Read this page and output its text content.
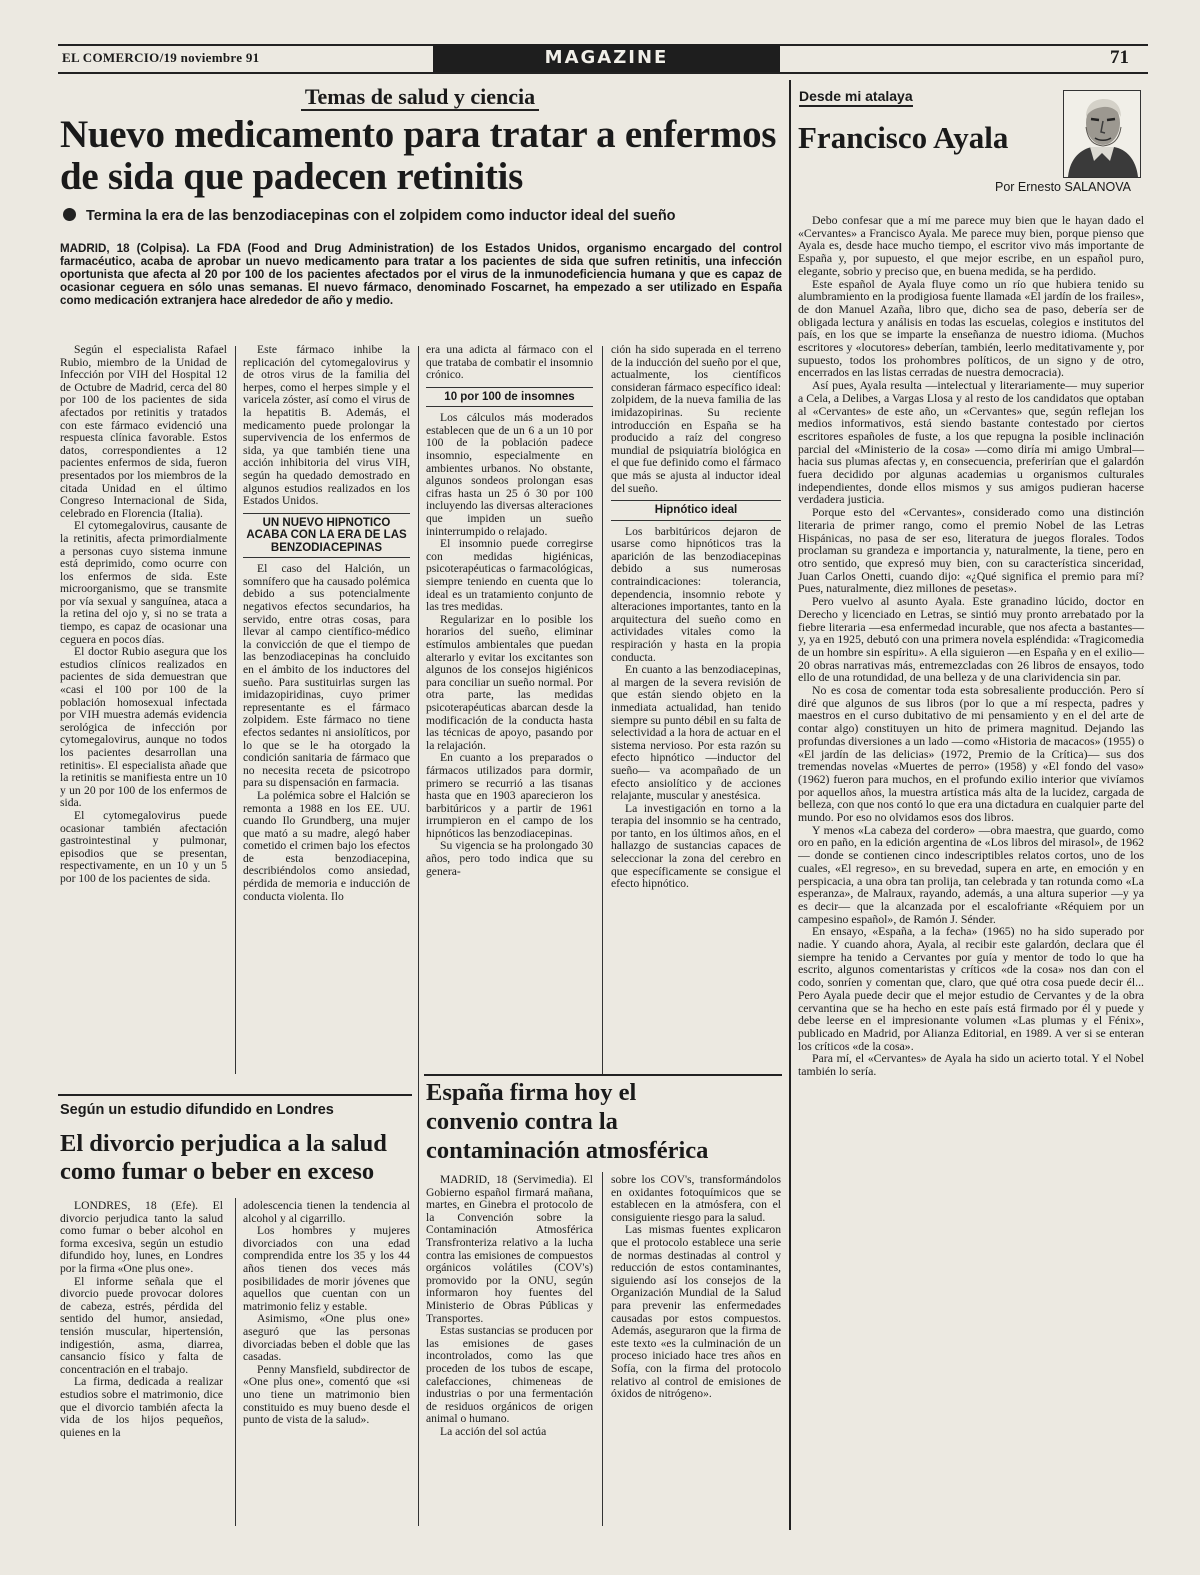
EL COMERCIO/19 noviembre 91	MAGAZINE	71
Temas de salud y ciencia
Nuevo medicamento para tratar a enfermos
de sida que padecen retinitis
Termina la era de las benzodiacepinas con el zolpidem como inductor ideal del sueño
MADRID, 18 (Colpisa). La FDA (Food and Drug Administration) de los Estados Unidos, organismo encargado del control farmacéutico, acaba de aprobar un nuevo medicamento para tratar a los pacientes de sida que sufren retinitis, una infección oportunista que afecta al 20 por 100 de los pacientes afectados por el virus de la inmunodeficiencia humana y que es capaz de ocasionar ceguera en sólo unas semanas. El nuevo fármaco, denominado Foscarnet, ha empezado a ser utilizado en España como medicación extranjera hace alrededor de año y medio.

Según el especialista Rafael Rubio, miembro de la Unidad de Infección por VIH del Hospital 12 de Octubre de Madrid, cerca del 80 por 100 de los pacientes de sida afectados por retinitis y tratados con este fármaco evidenció una respuesta clínica favorable. Estos datos, correspondientes a 12 pacientes enfermos de sida, fueron presentados por los miembros de la citada Unidad en el último Congreso Internacional de Sida, celebrado en Florencia (Italia).

El cytomegalovirus, causante de la retinitis, afecta primordialmente a personas cuyo sistema inmune está deprimido, como ocurre con los enfermos de sida. Este microorganismo, que se transmite por vía sexual y sanguínea, ataca a la retina del ojo y, si no se trata a tiempo, es capaz de ocasionar una ceguera en pocos días.

El doctor Rubio asegura que los estudios clínicos realizados en pacientes de sida demuestran que «casi el 100 por 100 de la población homosexual infectada por VIH muestra además evidencia serológica de infección por cytomegalovirus, aunque no todos los pacientes desarrollan una retinitis». El especialista añade que la retinitis se manifiesta entre un 10 y un 20 por 100 de los enfermos de sida.

El cytomegalovirus puede ocasionar también afectación gastrointestinal y pulmonar, episodios que se presentan, respectivamente, en un 10 y un 5 por 100 de los pacientes de sida.

Este fármaco inhibe la replicación del cytomegalovirus y de otros virus de la familia del herpes, como el herpes simple y el varicela zóster, así como el virus de la hepatitis B. Además, el medicamento puede prolongar la supervivencia de los enfermos de sida, ya que también tiene una acción inhibitoria del virus VIH, según ha quedado demostrado en algunos estudios realizados en los Estados Unidos.

UN NUEVO HIPNOTICO ACABA CON LA ERA DE LAS BENZODIACEPINAS

El caso del Halción, un somnífero que ha causado polémica debido a sus potencialmente negativos efectos secundarios, ha servido, entre otras cosas, para llevar al campo científico-médico la convicción de que el tiempo de las benzodiacepinas ha concluido en el ámbito de los inductores del sueño. Para sustituirlas surgen las imidazopiridinas, cuyo primer representante es el fármaco zolpidem. Este fármaco no tiene efectos sedantes ni ansiolíticos, por lo que se le ha otorgado la condición sanitaria de fármaco que no necesita receta de psicotropo para su dispensación en farmacia.

La polémica sobre el Halción se remonta a 1988 en los EE. UU. cuando Ilo Grundberg, una mujer que mató a su madre, alegó haber cometido el crimen bajo los efectos de esta benzodiacepina, describiéndolos como ansiedad, pérdida de memoria e inducción de conducta violenta. Ilo

era una adicta al fármaco con el que trataba de combatir el insomnio crónico.

10 por 100 de insomnes

Los cálculos más moderados establecen que de un 6 a un 10 por 100 de la población padece insomnio, especialmente en ambientes urbanos. No obstante, algunos sondeos prolongan esas cifras hasta un 25 ó 30 por 100 incluyendo las diversas alteraciones que impiden un sueño ininterrumpido o relajado.

El insomnio puede corregirse con medidas higiénicas, psicoterapéuticas o farmacológicas, siempre teniendo en cuenta que lo ideal es un tratamiento conjunto de las tres medidas.

Regularizar en lo posible los horarios del sueño, eliminar estímulos ambientales que puedan alterarlo y evitar los excitantes son algunos de los consejos higiénicos para conciliar un sueño normal. Por otra parte, las medidas psicoterapéuticas abarcan desde la modificación de la conducta hasta las técnicas de apoyo, pasando por la relajación.

En cuanto a los preparados o fármacos utilizados para dormir, primero se recurrió a las tisanas hasta que en 1903 aparecieron los barbitúricos y a partir de 1961 irrumpieron en el campo de los hipnóticos las benzodiacepinas.

Su vigencia se ha prolongado 30 años, pero todo indica que su genera-

ción ha sido superada en el terreno de la inducción del sueño por el que, actualmente, los científicos consideran fármaco específico ideal: zolpidem, de la nueva familia de las imidazopirinas. Su reciente introducción en España se ha producido a raíz del congreso mundial de psiquiatría biológica en el que fue definido como el fármaco que más se ajusta al inductor ideal del sueño.

Hipnótico ideal

Los barbitúricos dejaron de usarse como hipnóticos tras la aparición de las benzodiacepinas debido a sus numerosas contraindicaciones: tolerancia, dependencia, insomnio rebote y alteraciones importantes, tanto en la arquitectura del sueño como en actividades vitales como la respiración y hasta en la propia conducta.

En cuanto a las benzodiacepinas, al margen de la severa revisión de que están siendo objeto en la inmediata actualidad, han tenido siempre su punto débil en su falta de selectividad a la hora de actuar en el sistema nervioso. Por esta razón su efecto hipnótico —inductor del sueño— va acompañado de un efecto ansiolítico y de acciones relajante, muscular y anestésica.

La investigación en torno a la terapia del insomnio se ha centrado, por tanto, en los últimos años, en el hallazgo de sustancias capaces de seleccionar la zona del cerebro en que específicamente se consigue el efecto hipnótico.

Según un estudio difundido en Londres
El divorcio perjudica a la salud
como fumar o beber en exceso

LONDRES, 18 (Efe). El divorcio perjudica tanto la salud como fumar o beber alcohol en forma excesiva, según un estudio difundido hoy, lunes, en Londres por la firma «One plus one».

El informe señala que el divorcio puede provocar dolores de cabeza, estrés, pérdida del sentido del humor, ansiedad, tensión muscular, hipertensión, indigestión, asma, diarrea, cansancio físico y falta de concentración en el trabajo.

La firma, dedicada a realizar estudios sobre el matrimonio, dice que el divorcio también afecta la vida de los hijos pequeños, quienes en la

adolescencia tienen la tendencia al alcohol y al cigarrillo.

Los hombres y mujeres divorciados con una edad comprendida entre los 35 y los 44 años tienen dos veces más posibilidades de morir jóvenes que aquellos que cuentan con un matrimonio feliz y estable.

Asimismo, «One plus one» aseguró que las personas divorciadas beben el doble que las casadas.

Penny Mansfield, subdirector de «One plus one», comentó que «si uno tiene un matrimonio bien constituido es muy bueno desde el punto de vista de la salud».

España firma hoy el
convenio contra la
contaminación atmosférica

MADRID, 18 (Servimedia). El Gobierno español firmará mañana, martes, en Ginebra el protocolo de la Convención sobre la Contaminación Atmosférica Transfronteriza relativo a la lucha contra las emisiones de compuestos orgánicos volátiles (COV's) promovido por la ONU, según informaron hoy fuentes del Ministerio de Obras Públicas y Transportes.

Estas sustancias se producen por las emisiones de gases incontrolados, como las que proceden de los tubos de escape, calefacciones, chimeneas de industrias o por una fermentación de residuos orgánicos de origen animal o humano.

La acción del sol actúa

sobre los COV's, transformándolos en oxidantes fotoquímicos que se establecen en la atmósfera, con el consiguiente riesgo para la salud.

Las mismas fuentes explicaron que el protocolo establece una serie de normas destinadas al control y reducción de estos contaminantes, siguiendo así los consejos de la Organización Mundial de la Salud para prevenir las enfermedades causadas por estos compuestos. Además, aseguraron que la firma de este texto «es la culminación de un proceso iniciado hace tres años en Sofía, con la firma del protocolo relativo al control de emisiones de óxidos de nitrógeno».

Desde mi atalaya
Francisco Ayala
Por Ernesto SALANOVA

Debo confesar que a mí me parece muy bien que le hayan dado el «Cervantes» a Francisco Ayala. Me parece muy bien, porque pienso que Ayala es, desde hace mucho tiempo, el escritor vivo más importante de España y, por supuesto, el que mejor escribe, en un español puro, elegante, sobrio y preciso que, en buena medida, se ha perdido.

Este español de Ayala fluye como un río que hubiera tenido su alumbramiento en la prodigiosa fuente llamada «El jardín de los frailes», de don Manuel Azaña, libro que, dicho sea de paso, debería ser de obligada lectura y análisis en todas las escuelas, colegios e institutos del país, en los que se imparte la enseñanza de nuestro idioma. (Muchos escritores y «locutores» deberían, también, leerlo meditativamente y, por supuesto, todos los prohombres políticos, de un signo y de otro, encerrados en las listas cerradas de nuestra democracia).

Así pues, Ayala resulta —intelectual y literariamente— muy superior a Cela, a Delibes, a Vargas Llosa y al resto de los candidatos que optaban al «Cervantes» de este año, un «Cervantes» que, según reflejan los medios informativos, está siendo bastante contestado por ciertos escritores españoles de fuste, a los que repugna la posible inclinación parcial del «Ministerio de la cosa» —como diría mi amigo Umbral— hacia sus plumas afectas y, en consecuencia, preferirían que el galardón fuera decidido por algunas academias u organismos culturales independientes, donde ellos mismos y sus amigos pudieran hacerse verdadera justicia.

Porque esto del «Cervantes», considerado como una distinción literaria de primer rango, como el premio Nobel de las Letras Hispánicas, no pasa de ser eso, literatura de juegos florales. Todos proclaman su grandeza e importancia y, naturalmente, la tiene, pero en otro sentido, que expresó muy bien, con su característica sinceridad, Juan Carlos Onetti, cuando dijo: «¿Qué significa el premio para mí? Pues, naturalmente, diez millones de pesetas».

Pero vuelvo al asunto Ayala. Este granadino lúcido, doctor en Derecho y licenciado en Letras, se sintió muy pronto arrebatado por la fiebre literaria —esa enfermedad incurable, que nos afecta a bastantes— y, ya en 1925, debutó con una primera novela espléndida: «Tragicomedia de un hombre sin espíritu». A ella siguieron —en España y en el exilio— 20 obras narrativas más, entremezcladas con 26 libros de ensayos, todo ello de una rotundidad, de una belleza y de una clarividencia sin par.

No es cosa de comentar toda esta sobresaliente producción. Pero sí diré que algunos de sus libros (por lo que a mí respecta, padres y maestros en el curso dubitativo de mi pensamiento y en el del arte de contar algo) constituyen un hito de primera magnitud. Dejando las profundas diversiones a un lado —como «Historia de macacos» (1955) o «El jardín de las delicias» (1972, Premio de la Crítica)— sus dos tremendas novelas «Muertes de perro» (1958) y «El fondo del vaso» (1962) fueron para muchos, en el profundo exilio interior que vivíamos por aquellos años, la muestra artística más alta de la lucidez, cargada de belleza, con que nos contó lo que era una dictadura en cualquier parte del mundo. Por eso no olvidamos esos dos libros.

Y menos «La cabeza del cordero» —obra maestra, que guardo, como oro en paño, en la edición argentina de «Los libros del mirasol», de 1962— donde se contienen cinco indescriptibles relatos cortos, uno de los cuales, «El regreso», en su brevedad, supera en arte, en emoción y en perspicacia, a una obra tan prolija, tan celebrada y tan rotunda como «La esperanza», de Malraux, rayando, además, a una altura superior —y ya es decir— que la alcanzada por el escalofriante «Réquiem por un campesino español», de Ramón J. Sénder.

En ensayo, «España, a la fecha» (1965) no ha sido superado por nadie. Y cuando ahora, Ayala, al recibir este galardón, declara que él siempre ha tenido a Cervantes por guía y mentor de todo lo que ha escrito, algunos comentaristas y críticos «de la cosa» nos dan con el codo, sonríen y comentan que, claro, que qué otra cosa puede decir él... Pero Ayala puede decir que el mejor estudio de Cervantes y de la obra cervantina que se ha hecho en este país está firmado por él y puede y debe leerse en el impresionante volumen «Las plumas y el Fénix», publicado en Madrid, por Alianza Editorial, en 1989. A ver si se enteran los críticos «de la cosa».

Para mí, el «Cervantes» de Ayala ha sido un acierto total. Y el Nobel también lo sería.
